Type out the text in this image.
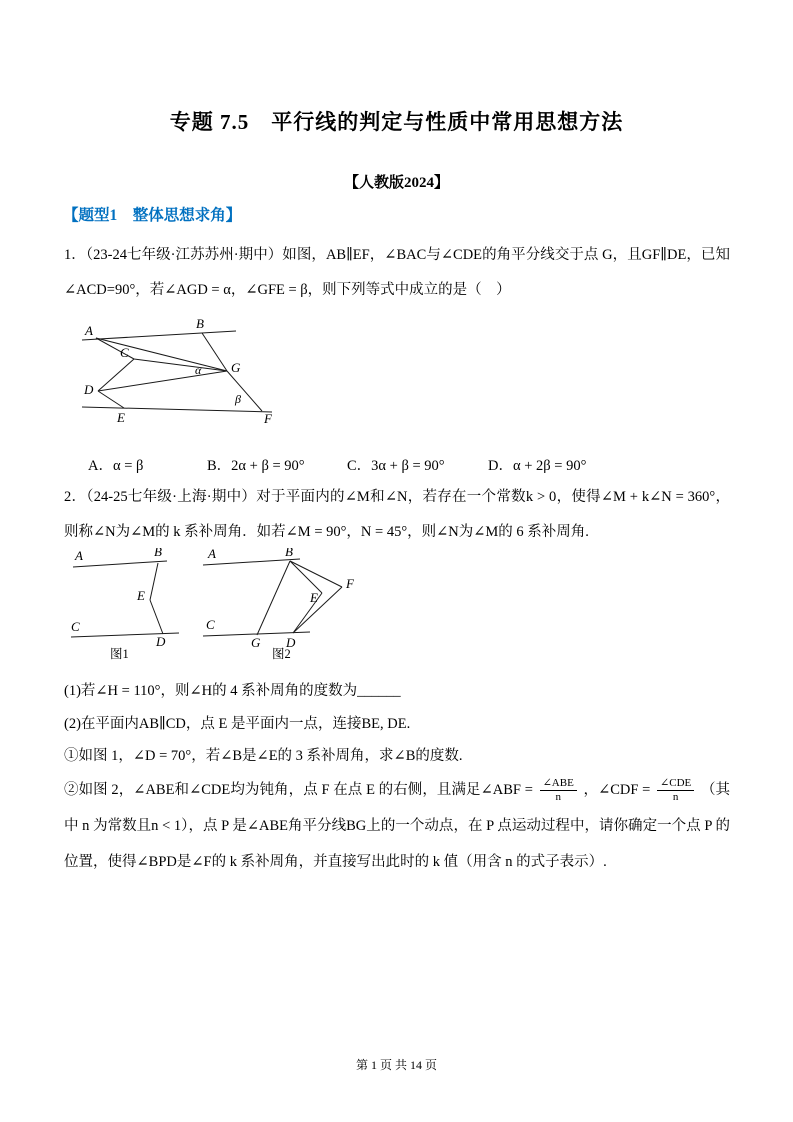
专题 7.5　平行线的判定与性质中常用思想方法
【人教版2024】
【题型1　整体思想求角】
1．（23-24七年级·江苏苏州·期中）如图，AB∥EF，∠BAC与∠CDE的角平分线交于点 G，且GF∥DE，已知∠ACD=90°，若∠AGD = α，∠GFE = β，则下列等式中成立的是（　）
A	B
C
D
E	F
G
α
β
A．α = β	B．2α + β = 90°	C．3α + β = 90°	D．α + 2β = 90°
2．（24-25七年级·上海·期中）对于平面内的∠M和∠N，若存在一个常数k > 0，使得∠M + k∠N = 360°，则称∠N为∠M的 k 系补周角．如若∠M = 90°，N = 45°，则∠N为∠M的 6 系补周角.
A	B
C
D
E
图1
A	B
C
D
E
F
G
图2
(1)若∠H = 110°，则∠H的 4 系补周角的度数为______
(2)在平面内AB∥CD，点 E 是平面内一点，连接BE, DE.
①如图 1，∠D = 70°，若∠B是∠E的 3 系补周角，求∠B的度数.
②如图 2，∠ABE和∠CDE均为钝角，点 F 在点 E 的右侧，且满足∠ABF = $\frac{\text{∠ABE}}{n}$ ，∠CDF = $\frac{\text{∠CDE}}{n}$ （其中 n 为常数且n < 1），点 P 是∠ABE角平分线BG上的一个动点，在 P 点运动过程中，请你确定一个点 P 的位置，使得∠BPD是∠F的 k 系补周角，并直接写出此时的 k 值（用含 n 的式子表示）.
第 1 页 共 14 页
